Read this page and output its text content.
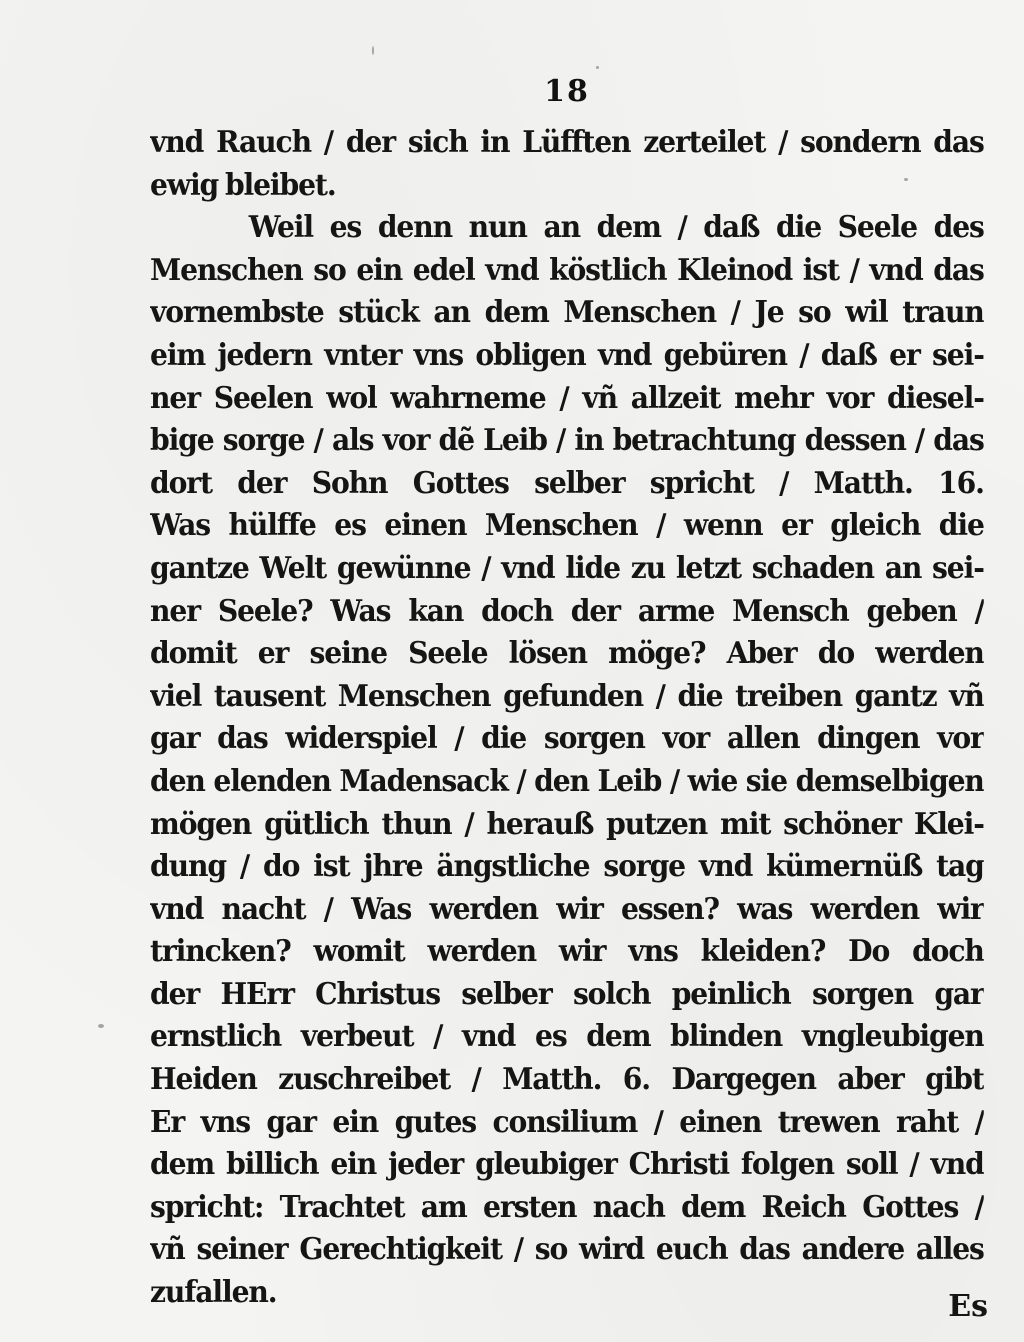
18
vnd Rauch / der sich in Lüfften zerteilet / sondern das
ewig bleibet.
Weil es denn nun an dem / daß die Seele des
Menschen so ein edel vnd köstlich Kleinod ist / vnd das
vornembste stück an dem Menschen / Je so wil traun
eim jedern vnter vns obligen vnd gebüren / daß er sei-
ner Seelen wol wahrneme / vñ allzeit mehr vor diesel-
bige sorge / als vor dẽ Leib / in betrachtung dessen / das
dort der Sohn Gottes selber spricht / Matth. 16.
Was hülffe es einen Menschen / wenn er gleich die
gantze Welt gewünne / vnd lide zu letzt schaden an sei-
ner Seele? Was kan doch der arme Mensch geben /
domit er seine Seele lösen möge? Aber do werden
viel tausent Menschen gefunden / die treiben gantz vñ
gar das widerspiel / die sorgen vor allen dingen vor
den elenden Madensack / den Leib / wie sie demselbigen
mögen gütlich thun / herauß putzen mit schöner Klei-
dung / do ist jhre ängstliche sorge vnd kümernüß tag
vnd nacht / Was werden wir essen? was werden wir
trincken? womit werden wir vns kleiden? Do doch
der HErr Christus selber solch peinlich sorgen gar
ernstlich verbeut / vnd es dem blinden vngleubigen
Heiden zuschreibet / Matth. 6. Dargegen aber gibt
Er vns gar ein gutes consilium / einen trewen raht /
dem billich ein jeder gleubiger Christi folgen soll / vnd
spricht: Trachtet am ersten nach dem Reich Gottes /
vñ seiner Gerechtigkeit / so wird euch das andere alles
zufallen.	Es
